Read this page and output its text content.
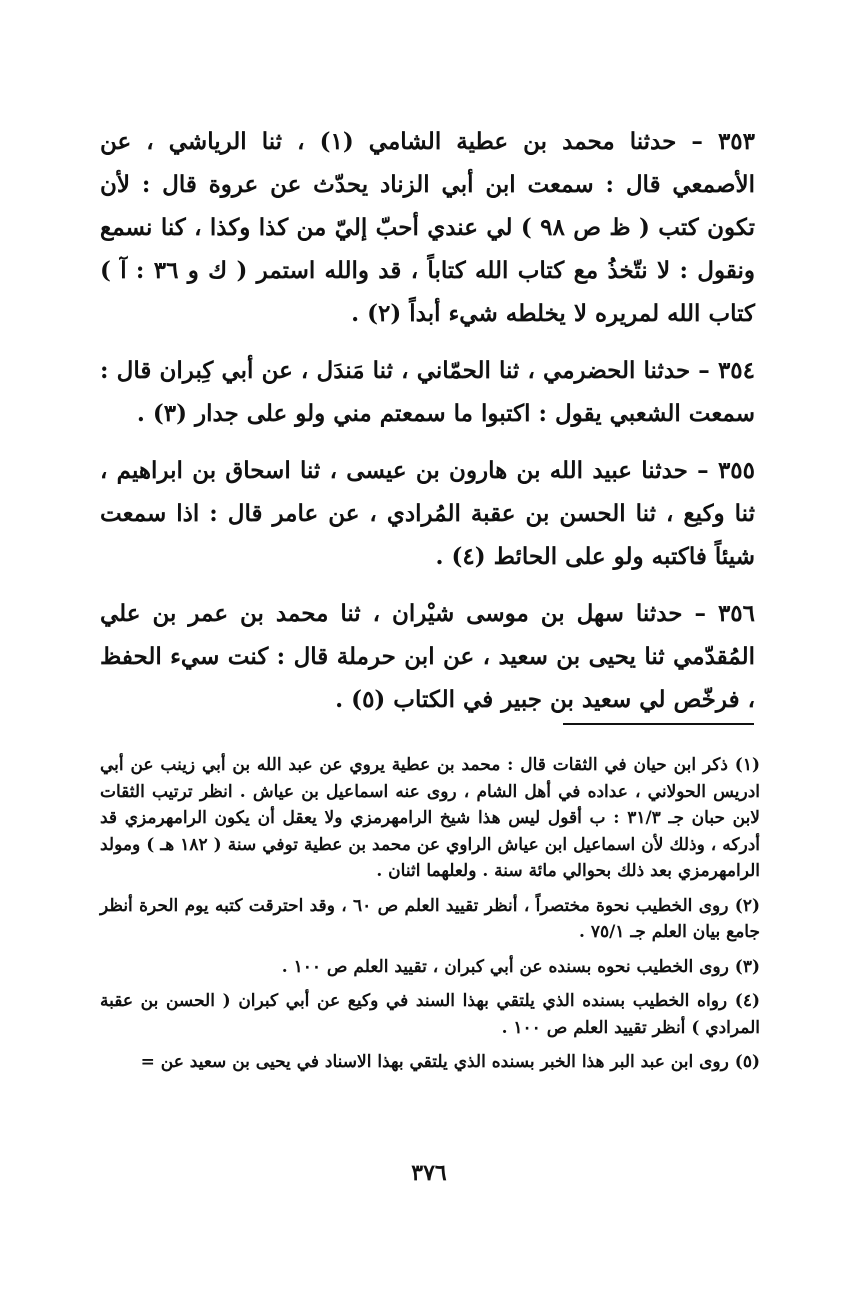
٣٥٣ – حدثنا محمد بن عطية الشامي (١) ، ثنا الرياشي ، عن الأصمعي قال : سمعت ابن أبي الزناد يحدّث عن عروة قال : لأن تكون كتب ( ظ ص ٩٨ ) لي عندي أحبّ إليّ من كذا وكذا ، كنا نسمع ونقول : لا نتّخذُ مع كتاب الله كتاباً ، قد والله استمر ( ك و ٣٦ : آ ) كتاب الله لمريره لا يخلطه شيء أبداً (٢) .

٣٥٤ – حدثنا الحضرمي ، ثنا الحمّاني ، ثنا مَندَل ، عن أبي كِبران قال : سمعت الشعبي يقول : اكتبوا ما سمعتم مني ولو على جدار (٣) .

٣٥٥ – حدثنا عبيد الله بن هارون بن عيسى ، ثنا اسحاق بن ابراهيم ، ثنا وكيع ، ثنا الحسن بن عقبة المُرادي ، عن عامر قال : اذا سمعت شيئاً فاكتبه ولو على الحائط (٤) .

٣٥٦ – حدثنا سهل بن موسى شيْران ، ثنا محمد بن عمر بن علي المُقدّمي ثنا يحيى بن سعيد ، عن ابن حرملة قال : كنت سيء الحفظ ، فرخّص لي سعيد بن جبير في الكتاب (٥) .

(١) ذكر ابن حيان في الثقات قال : محمد بن عطية يروي عن عبد الله بن أبي زينب عن أبي ادريس الحولاني ، عداده في أهل الشام ، روى عنه اسماعيل بن عياش . انظر ترتيب الثقات لابن حبان جـ ٣١/٣ : ب أقول ليس هذا شيخ الرامهرمزي ولا يعقل أن يكون الرامهرمزي قد أدركه ، وذلك لأن اسماعيل ابن عياش الراوي عن محمد بن عطية توفي سنة ( ١٨٢ هـ ) ومولد الرامهرمزي بعد ذلك بحوالي مائة سنة . ولعلهما اثنان .

(٢) روى الخطيب نحوة مختصراً ، أنظر تقييد العلم ص ٦٠ ، وقد احترقت كتبه يوم الحرة أنظر جامع بيان العلم جـ ٧٥/١ .

(٣) روى الخطيب نحوه بسنده عن أبي كبران ، تقييد العلم ص ١٠٠ .

(٤) رواه الخطيب بسنده الذي يلتقي بهذا السند في وكيع عن أبي كبران ( الحسن بن عقبة المرادي ) أنظر تقييد العلم ص ١٠٠ .

(٥) روى ابن عبد البر هذا الخبر بسنده الذي يلتقي بهذا الاسناد في يحيى بن سعيد عن =

٣٧٦
